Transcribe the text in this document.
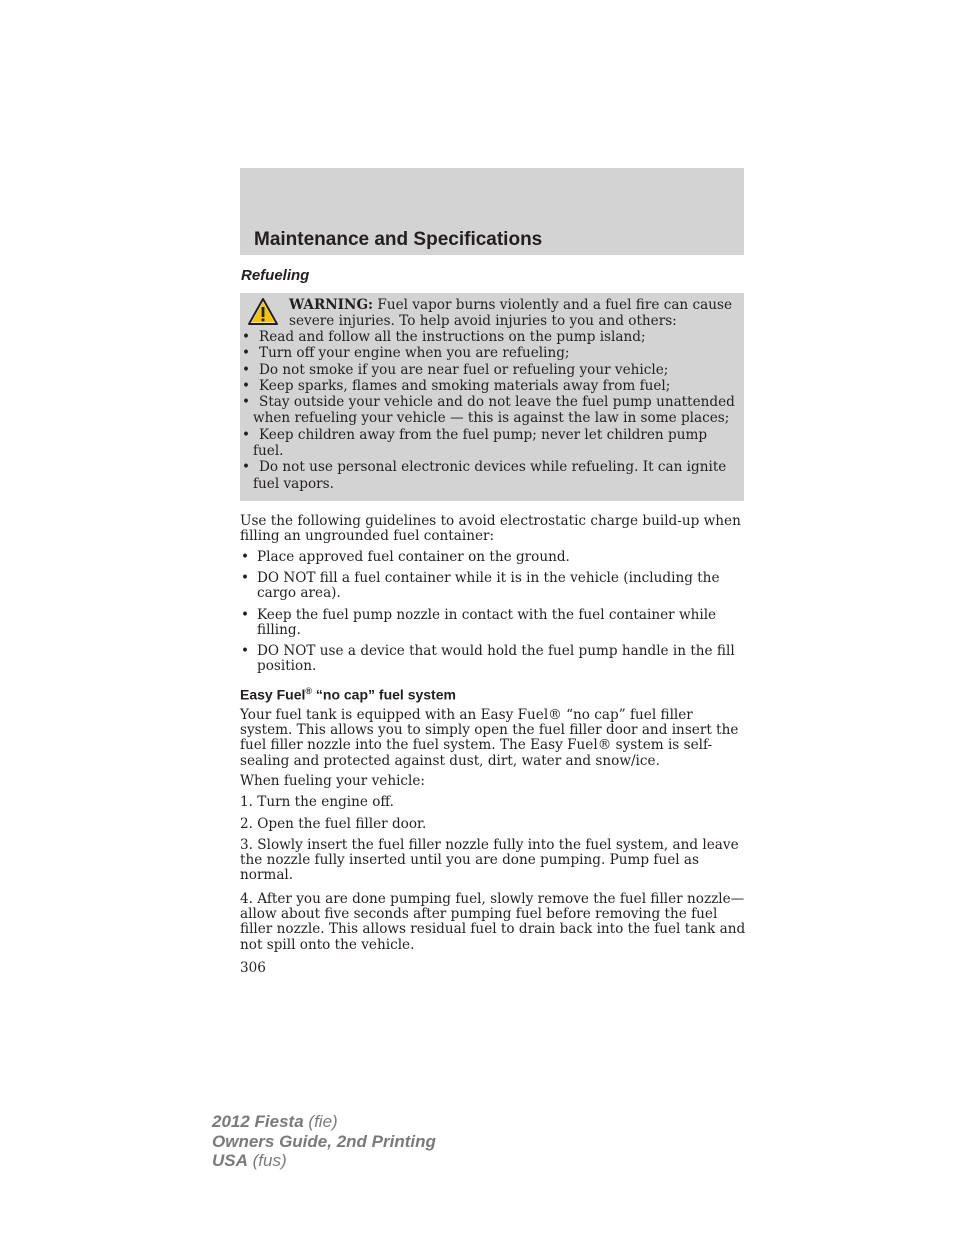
Maintenance and Specifications
Refueling
WARNING: Fuel vapor burns violently and a fuel fire can cause severe injuries. To help avoid injuries to you and others:
• Read and follow all the instructions on the pump island;
• Turn off your engine when you are refueling;
• Do not smoke if you are near fuel or refueling your vehicle;
• Keep sparks, flames and smoking materials away from fuel;
• Stay outside your vehicle and do not leave the fuel pump unattended when refueling your vehicle — this is against the law in some places;
• Keep children away from the fuel pump; never let children pump fuel.
• Do not use personal electronic devices while refueling. It can ignite fuel vapors.

Use the following guidelines to avoid electrostatic charge build-up when filling an ungrounded fuel container:

• Place approved fuel container on the ground.
• DO NOT fill a fuel container while it is in the vehicle (including the cargo area).
• Keep the fuel pump nozzle in contact with the fuel container while filling.
• DO NOT use a device that would hold the fuel pump handle in the fill position.
Easy Fuel® “no cap” fuel system

Your fuel tank is equipped with an Easy Fuel® “no cap” fuel filler system. This allows you to simply open the fuel filler door and insert the fuel filler nozzle into the fuel system. The Easy Fuel® system is self-sealing and protected against dust, dirt, water and snow/ice.

When fueling your vehicle:

1. Turn the engine off.

2. Open the fuel filler door.

3. Slowly insert the fuel filler nozzle fully into the fuel system, and leave the nozzle fully inserted until you are done pumping. Pump fuel as normal.

4. After you are done pumping fuel, slowly remove the fuel filler nozzle—allow about five seconds after pumping fuel before removing the fuel filler nozzle. This allows residual fuel to drain back into the fuel tank and not spill onto the vehicle.

306
2012 Fiesta (fie)
Owners Guide, 2nd Printing
USA (fus)
